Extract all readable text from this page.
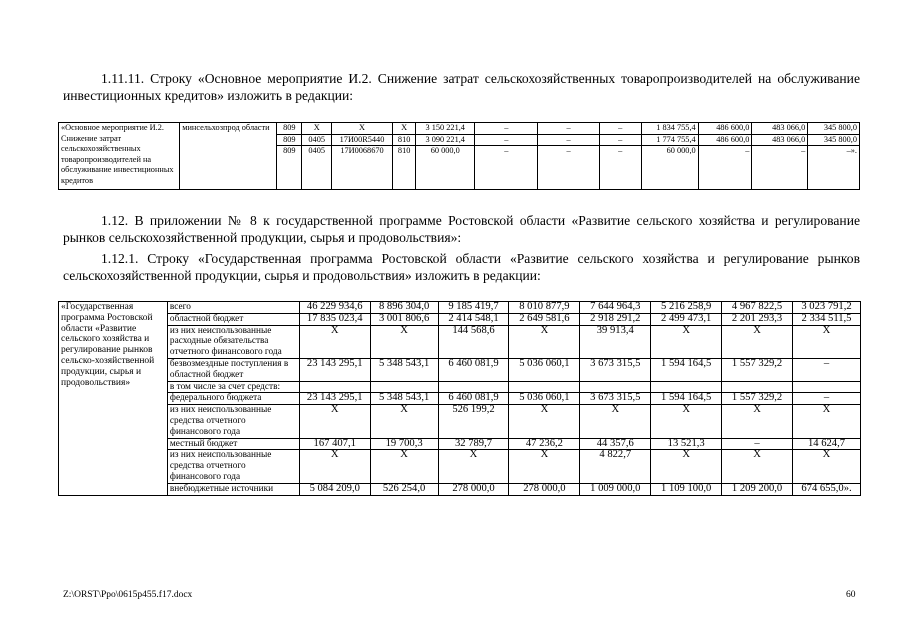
1.11.11. Строку «Основное мероприятие И.2. Снижение затрат сельскохозяйственных товаропроизводителей на обслуживание инвестиционных кредитов» изложить в редакции:

«Основное мероприятие И.2. Снижение затрат сельскохозяйственных товаропроизводителей на обслуживание инвестиционных кредитов	минсельхозпрод области	809	X	X	X	3 150 221,4	–	–	–	1 834 755,4	486 600,0	483 066,0	345 800,0
		809	0405	17И00R5440	810	3 090 221,4	–	–	–	1 774 755,4	486 600,0	483 066,0	345 800,0
		809	0405	17И0068670	810	60 000,0	–	–	–	60 000,0	–	–	–».

1.12. В приложении № 8 к государственной программе Ростовской области «Развитие сельского хозяйства и регулирование рынков сельскохозяйственной продукции, сырья и продовольствия»:

1.12.1. Строку «Государственная программа Ростовской области «Развитие сельского хозяйства и регулирование рынков сельскохозяйственной продукции, сырья и продовольствия» изложить в редакции:

«Государственная программа Ростовской области «Развитие сельского хозяйства и регулирование рынков сельско-хозяйственной продукции, сырья и продовольствия»	всего	46 229 934,6	8 896 304,0	9 185 419,7	8 010 877,9	7 644 964,3	5 216 258,9	4 967 822,5	3 023 791,2
	областной бюджет	17 835 023,4	3 001 806,6	2 414 548,1	2 649 581,6	2 918 291,2	2 499 473,1	2 201 293,3	2 334 511,5
	из них неиспользованные расходные обязательства отчетного финансового года	X	X	144 568,6	X	39 913,4	X	X	X
	безвозмездные поступления в областной бюджет	23 143 295,1	5 348 543,1	6 460 081,9	5 036 060,1	3 673 315,5	1 594 164,5	1 557 329,2	–
	в том числе за счет средств:								
	федерального бюджета	23 143 295,1	5 348 543,1	6 460 081,9	5 036 060,1	3 673 315,5	1 594 164,5	1 557 329,2	–
	из них неиспользованные средства отчетного финансового года	X	X	526 199,2	X	X	X	X	X
	местный бюджет	167 407,1	19 700,3	32 789,7	47 236,2	44 357,6	13 521,3	–	14 624,7
	из них неиспользованные средства отчетного финансового года	X	X	X	X	4 822,7	X	X	X
	внебюджетные источники	5 084 209,0	526 254,0	278 000,0	278 000,0	1 009 000,0	1 109 100,0	1 209 200,0	674 655,0».
Z:\ORST\Ppo\0615p455.f17.docx	60
